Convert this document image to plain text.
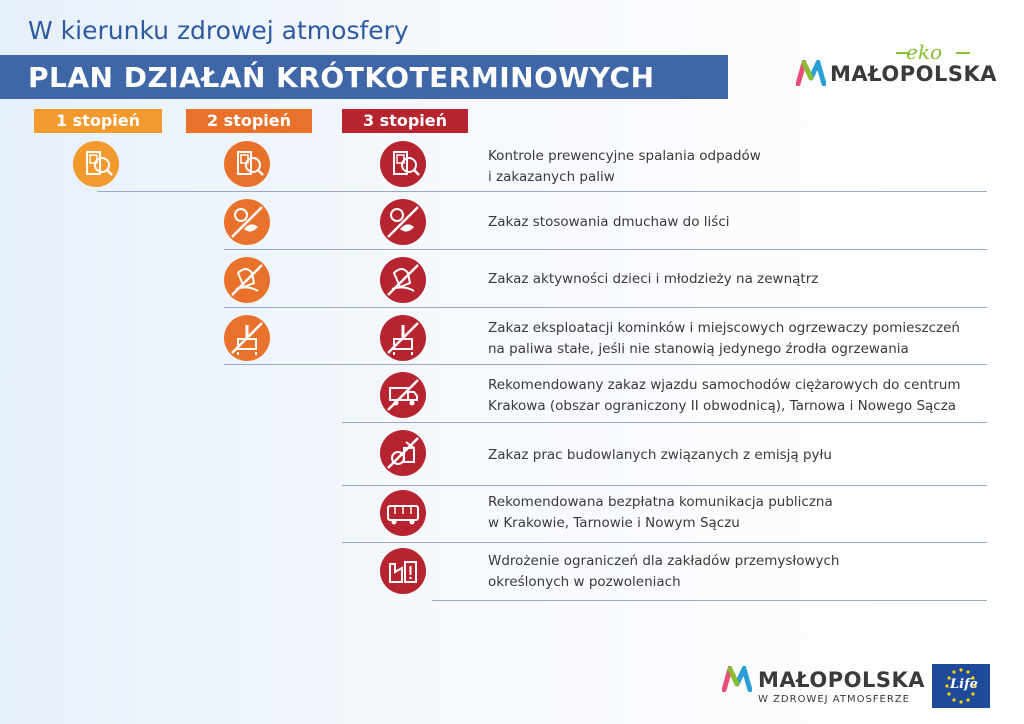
W kierunku zdrowej atmosfery
PLAN DZIAŁAŃ KRÓTKOTERMINOWYCH
eko
MAŁOPOLSKA
1 stopień	2 stopień	3 stopień
Kontrole prewencyjne spalania odpadów
i zakazanych paliw
Zakaz stosowania dmuchaw do liści
Zakaz aktywności dzieci i młodzieży na zewnątrz
Zakaz eksploatacji kominków i miejscowych ogrzewaczy pomieszczeń
na paliwa stałe, jeśli nie stanowią jedynego źrodła ogrzewania
Rekomendowany zakaz wjazdu samochodów ciężarowych do centrum
Krakowa (obszar ograniczony II obwodnicą), Tarnowa i Nowego Sącza
Zakaz prac budowlanych związanych z emisją pyłu
Rekomendowana bezpłatna komunikacja publiczna
w Krakowie, Tarnowie i Nowym Sączu
Wdrożenie ograniczeń dla zakładów przemysłowych
określonych w pozwoleniach
MAŁOPOLSKA
W ZDROWEJ ATMOSFERZE
Life
